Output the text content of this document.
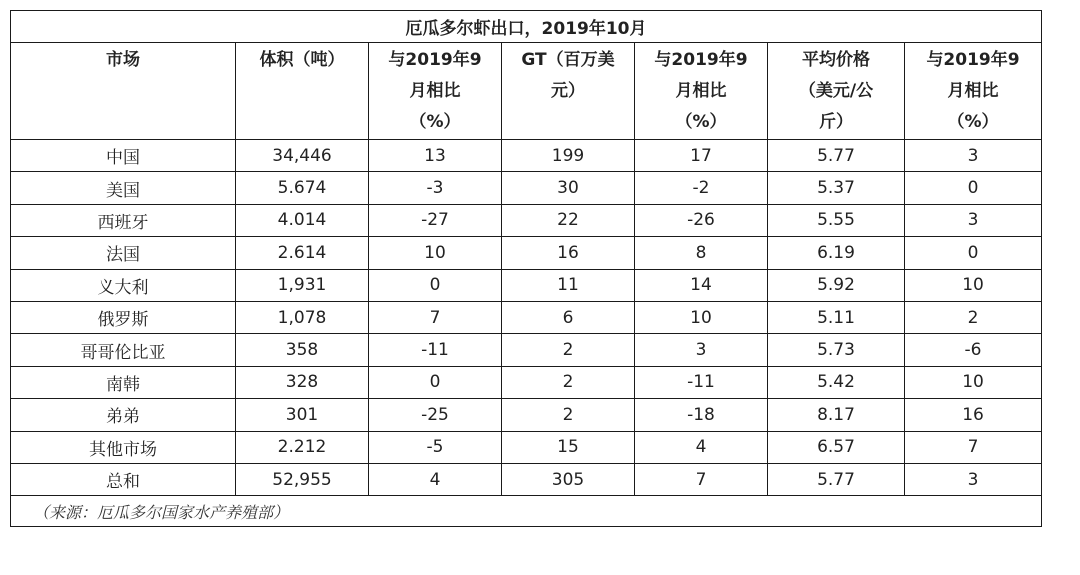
厄瓜多尔虾出口，2019年10月						

市场	体积（吨）	与2019年9
月相比
（%）	GT（百万美
元）	与2019年9
月相比
（%）	平均价格
（美元/公
斤）	与2019年9
月相比
（%）

中国	34,446	13	199	17	5.77	3
美国	5.674	-3	30	-2	5.37	0
西班牙	4.014	-27	22	-26	5.55	3
法国	2.614	10	16	8	6.19	0
义大利	1,931	0	11	14	5.92	10
俄罗斯	1,078	7	6	10	5.11	2
哥哥伦比亚	358	-11	2	3	5.73	-6
南韩	328	0	2	-11	5.42	10
弟弟	301	-25	2	-18	8.17	16
其他市场	2.212	-5	15	4	6.57	7
总和	52,955	4	305	7	5.77	3
（来源：厄瓜多尔国家水产养殖部）						
